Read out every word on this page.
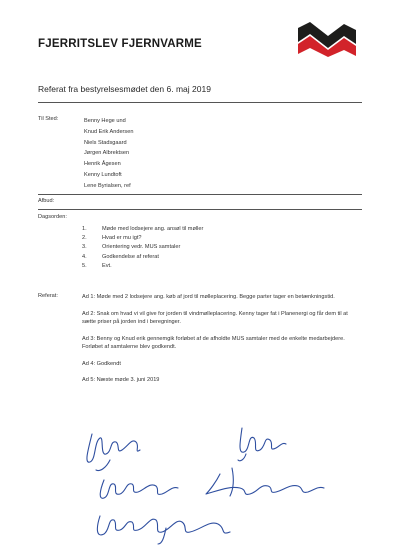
FJERRITSLEV FJERNVARME
Referat fra bestyrelsesmødet den 6. maj 2019
Til Sted:	Benny Hege und
Knud Erik Andersen
Niels Stadsgaard
Jørgen Albrektsen
Henrik Ågesen
Kenny Lundtoft
Lene Byrialsen, ref
Afbud:
Dagsorden:
1.	Møde med lodsejere ang. ansøl til møller
2.	Hvad er mu igt?
3.	Orientering vedr. MUS samtaler
4.	Godkendelse af referat
5.	Evt.
Referat:	Ad 1: Møde med 2 lodsejere ang. køb af jord til mølleplacering. Begge parter tager en betænkningstid.

Ad 2: Snak om hvad vi vil give for jorden til vindmølleplacering. Kenny tager fat i Planenergi og får dem til at sætte priser på jorden ind i beregninger.

Ad 3: Benny og Knud erik gennemgik forløbet af de afholdte MUS samtaler med de enkelte medarbejdere. Forløbet af samtalerne blev godkendt.

Ad 4: Godkendt

Ad 5: Næste møde 3. juni 2019
